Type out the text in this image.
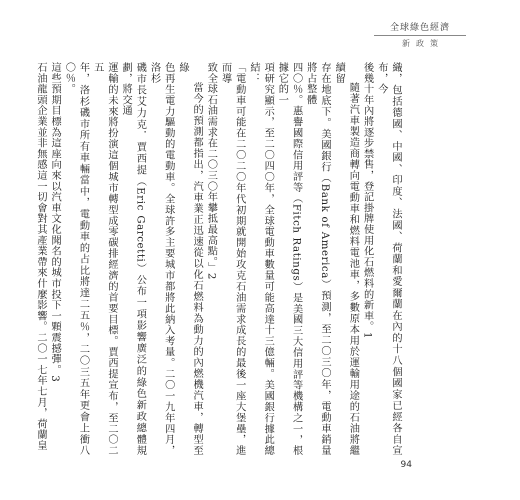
全球綠色經濟
新政策

織，包括德國、中國、印度、法國、荷蘭和愛爾蘭在內的十八個國家已經各自宣布，今

後幾十年內將逐步禁售，登記掛牌使用化石燃料的新車。1

隨著汽車製造商轉向電動車和燃料電池車，多數原本用於運輸用途的石油將繼續留

存在地底下。美國銀行（Bank of America）預測，至二〇三〇年，電動車銷量將占整體

四〇％。惠譽國際信用評等（Fitch Ratings）是美國三大信用評等機構之一，根據它的一

項研究顯示，至二〇四〇年，全球電動車數量可能高達十三億輛。美國銀行據此總結：

「電動車可能在二〇二〇年代初期就開始攻克石油需求成長的最後一座大堡壘，進而導

致全球石油需求在二〇三〇年攀抵最高點。」2

當今的預測都指出，汽車業正迅速從以化石燃料為動力的內燃機汽車，轉型至綠

色再生電力驅動的電動車。全球許多主要城市都將此納入考量。二〇一九年四月，洛杉

磯市長艾力克．賈西提（Eric Garcetti）公布一項影響廣泛的綠色新政總體規劃，將交通

運輸的未來將扮演這個城市轉型成零碳排經濟的首要目標。賈西提宣布，至二〇二五

年，洛杉磯市所有車輛當中，電動車的占比將達二五％，二〇三五年更會上衝八〇％。

這些預期目標為這座向來以汽車文化聞名的城市投下一顆震撼彈。3

石油龍頭企業並非無感這一切會對其產業帶來什麼影響。二〇一七年七月，荷蘭皇

94
